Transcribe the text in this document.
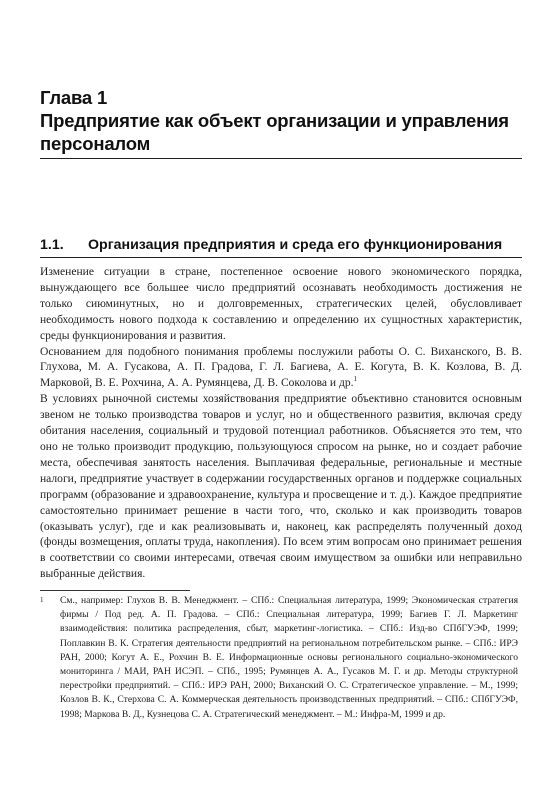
Глава 1
Предприятие как объект организации и управления персоналом
1.1. Организация предприятия и среда его функционирования

Изменение ситуации в стране, постепенное освоение нового экономического порядка, вынуждающего все большее число предприятий осознавать необходимость достижения не только сиюминутных, но и долговременных, стратегических целей, обусловливает необходимость нового подхода к составлению и определению их сущностных характеристик, среды функционирования и развития.

Основанием для подобного понимания проблемы послужили работы О. С. Виханского, В. В. Глухова, М. А. Гусакова, А. П. Градова, Г. Л. Багиева, А. Е. Когута, В. К. Козлова, В. Д. Марковой, В. Е. Рохчина, А. А. Румянцева, Д. В. Соколова и др.$^1$

В условиях рыночной системы хозяйствования предприятие объективно становится основным звеном не только производства товаров и услуг, но и общественного развития, включая среду обитания населения, социальный и трудовой потенциал работников. Объясняется это тем, что оно не только производит продукцию, пользующуюся спросом на рынке, но и создает рабочие места, обеспечивая занятость населения. Выплачивая федеральные, региональные и местные налоги, предприятие участвует в содержании государственных органов и поддержке социальных программ (образование и здравоохранение, культура и просвещение и т. д.). Каждое предприятие самостоятельно принимает решение в части того, что, сколько и как производить товаров (оказывать услуг), где и как реализовывать и, наконец, как распределять полученный доход (фонды возмещения, оплаты труда, накопления). По всем этим вопросам оно принимает решения в соответствии со своими интересами, отвечая своим имуществом за ошибки или неправильно выбранные действия.

1 См., например: Глухов В. В. Менеджмент. – СПб.: Специальная литература, 1999; Экономическая стратегия фирмы / Под ред. А. П. Градова. – СПб.: Специальная литература, 1999; Багиев Г. Л. Маркетинг взаимодействия: политика распределения, сбыт, маркетинг-логистика. – СПб.: Изд-во СПбГУЭФ, 1999; Поплавкин В. К. Стратегия деятельности предприятий на региональном потребительском рынке. – СПб.: ИРЭ РАН, 2000; Когут А. Е., Рохчин В. Е. Информационные основы регионального социально-экономического мониторинга / МАИ, РАН ИСЭП. – СПб., 1995; Румянцев А. А., Гусаков М. Г. и др. Методы структурной перестройки предприятий. – СПб.: ИРЭ РАН, 2000; Виханский О. С. Стратегическое управление. – М., 1999; Козлов В. К., Стерхова С. А. Коммерческая деятельность производственных предприятий. – СПб.: СПбГУЭФ, 1998; Маркова В. Д., Кузнецова С. А. Стратегический менеджмент. – М.: Инфра-М, 1999 и др.
